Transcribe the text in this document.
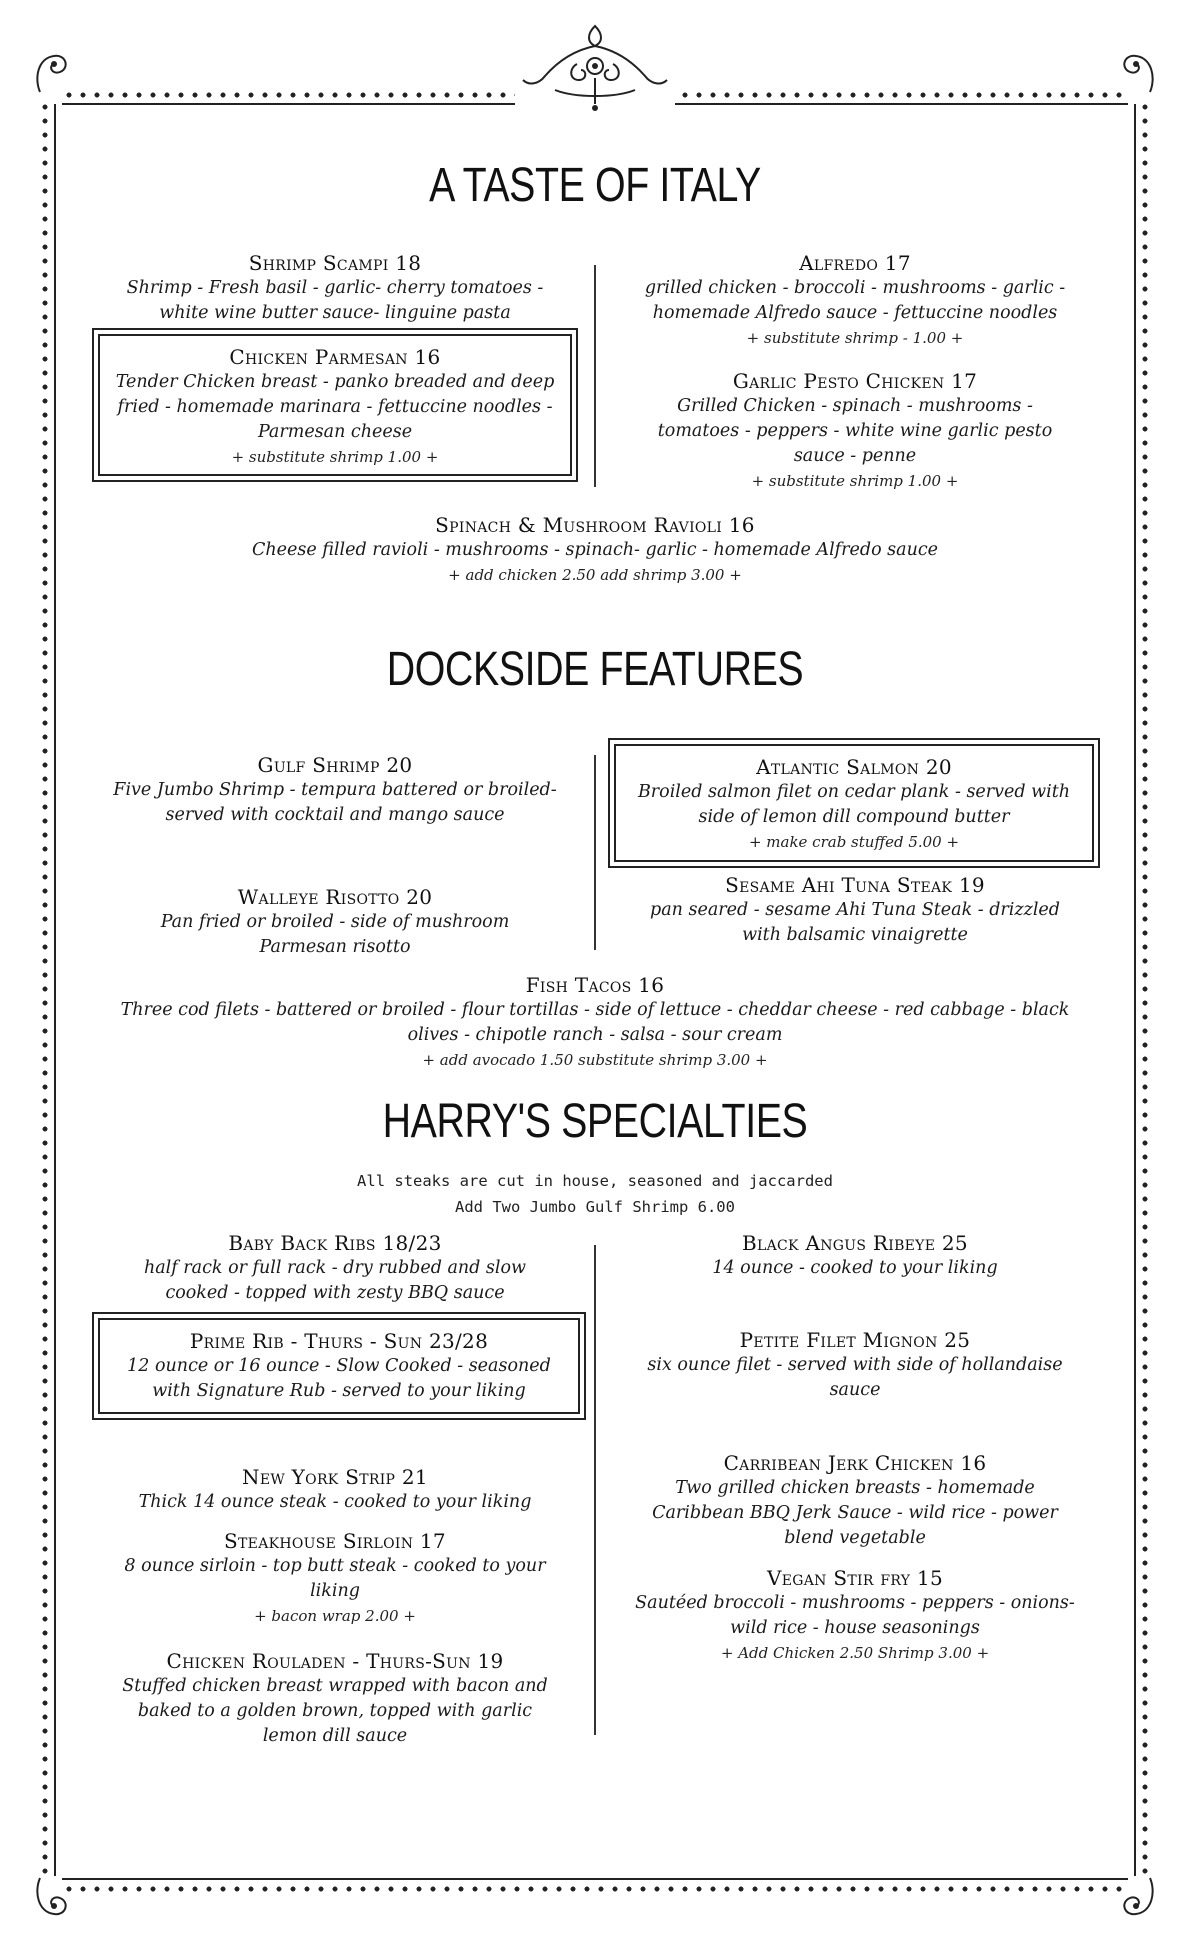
A TASTE OF ITALY
Shrimp Scampi 18
Shrimp - Fresh basil - garlic- cherry tomatoes - white wine butter sauce- linguine pasta
Chicken Parmesan 16
Tender Chicken breast - panko breaded and deep fried - homemade marinara - fettuccine noodles - Parmesan cheese
+ substitute shrimp 1.00 +
Alfredo 17
grilled chicken - broccoli - mushrooms - garlic - homemade Alfredo sauce - fettuccine noodles
+ substitute shrimp - 1.00 +
Garlic Pesto Chicken 17
Grilled Chicken - spinach - mushrooms - tomatoes - peppers - white wine garlic pesto sauce - penne
+ substitute shrimp 1.00 +
Spinach & Mushroom Ravioli 16
Cheese filled ravioli - mushrooms - spinach- garlic - homemade Alfredo sauce
+ add chicken 2.50 add shrimp 3.00 +
DOCKSIDE FEATURES
Gulf Shrimp 20
Five Jumbo Shrimp - tempura battered or broiled- served with cocktail and mango sauce
Atlantic Salmon 20
Broiled salmon filet on cedar plank - served with side of lemon dill compound butter
+ make crab stuffed 5.00 +
Walleye Risotto 20
Pan fried or broiled - side of mushroom Parmesan risotto
Sesame Ahi Tuna Steak 19
pan seared - sesame Ahi Tuna Steak - drizzled with balsamic vinaigrette
Fish Tacos 16
Three cod filets - battered or broiled - flour tortillas - side of lettuce - cheddar cheese - red cabbage - black olives - chipotle ranch - salsa - sour cream
+ add avocado 1.50 substitute shrimp 3.00 +
HARRY'S SPECIALTIES
All steaks are cut in house, seasoned and jaccarded
Add Two Jumbo Gulf Shrimp 6.00
Baby Back Ribs 18/23
half rack or full rack - dry rubbed and slow cooked - topped with zesty BBQ sauce
Black Angus Ribeye 25
14 ounce - cooked to your liking
Prime Rib - Thurs - Sun 23/28
12 ounce or 16 ounce - Slow Cooked - seasoned with Signature Rub - served to your liking
Petite Filet Mignon 25
six ounce filet - served with side of hollandaise sauce
New York Strip 21
Thick 14 ounce steak - cooked to your liking
Carribean Jerk Chicken 16
Two grilled chicken breasts - homemade Caribbean BBQ Jerk Sauce - wild rice - power blend vegetable
Steakhouse Sirloin 17
8 ounce sirloin - top butt steak - cooked to your liking
+ bacon wrap 2.00 +
Vegan Stir fry 15
Sautéed broccoli - mushrooms - peppers - onions- wild rice - house seasonings
+ Add Chicken 2.50 Shrimp 3.00 +
Chicken Rouladen - Thurs-Sun 19
Stuffed chicken breast wrapped with bacon and baked to a golden brown, topped with garlic lemon dill sauce
